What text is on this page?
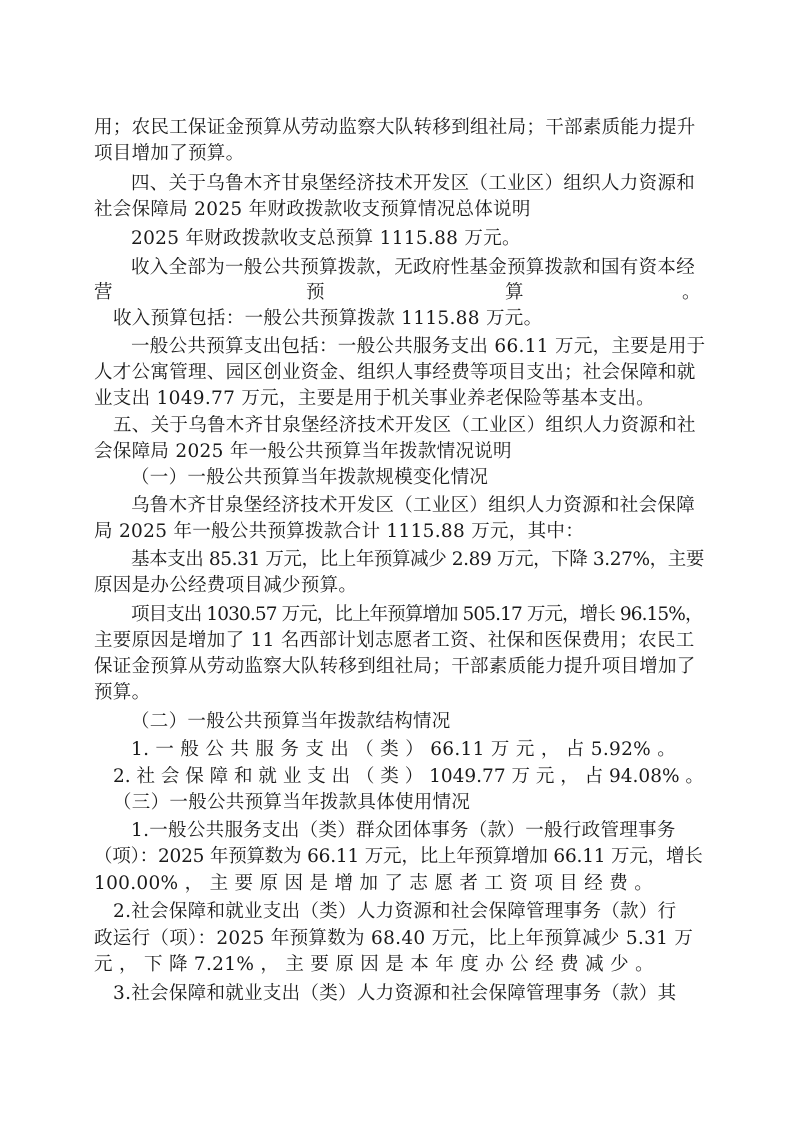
用；农民工保证金预算从劳动监察大队转移到组社局；干部素质能力提升
项目增加了预算。
四、关于乌鲁木齐甘泉堡经济技术开发区（工业区）组织人力资源和
社会保障局 2025 年财政拨款收支预算情况总体说明
2025 年财政拨款收支总预算 1115.88 万元。
收入全部为一般公共预算拨款，无政府性基金预算拨款和国有资本经
营	预	算	。
收入预算包括：一般公共预算拨款 1115.88 万元。
一般公共预算支出包括：一般公共服务支出 66.11 万元，主要是用于
人才公寓管理、园区创业资金、组织人事经费等项目支出；社会保障和就
业支出 1049.77 万元，主要是用于机关事业养老保险等基本支出。
五、关于乌鲁木齐甘泉堡经济技术开发区（工业区）组织人力资源和社
会保障局 2025 年一般公共预算当年拨款情况说明
（一）一般公共预算当年拨款规模变化情况
乌鲁木齐甘泉堡经济技术开发区（工业区）组织人力资源和社会保障
局 2025 年一般公共预算拨款合计 1115.88 万元，其中：
基本支出 85.31 万元，比上年预算减少 2.89 万元，下降 3.27%，主要
原因是办公经费项目减少预算。
项目支出 1030.57 万元，比上年预算增加 505.17 万元，增长 96.15%，
主要原因是增加了 11 名西部计划志愿者工资、社保和医保费用；农民工
保证金预算从劳动监察大队转移到组社局；干部素质能力提升项目增加了
预算。
（二）一般公共预算当年拨款结构情况
1. 一 般 公 共 服 务 支 出 （ 类 ） 66.11 万 元 ， 占 5.92% 。
2. 社 会 保 障 和 就 业 支 出 （ 类 ） 1049.77 万 元 ， 占 94.08% 。
（三）一般公共预算当年拨款具体使用情况
1.一般公共服务支出（类）群众团体事务（款）一般行政管理事务
（项）：2025 年预算数为 66.11 万元，比上年预算增加 66.11 万元，增长
100.00% ， 主 要 原 因 是 增 加 了 志 愿 者 工 资 项 目 经 费 。
2.社会保障和就业支出（类）人力资源和社会保障管理事务（款）行
政运行（项）：2025 年预算数为 68.40 万元，比上年预算减少 5.31 万
元 ， 下 降 7.21% ， 主 要 原 因 是 本 年 度 办 公 经 费 减 少 。
3.社会保障和就业支出（类）人力资源和社会保障管理事务（款）其
